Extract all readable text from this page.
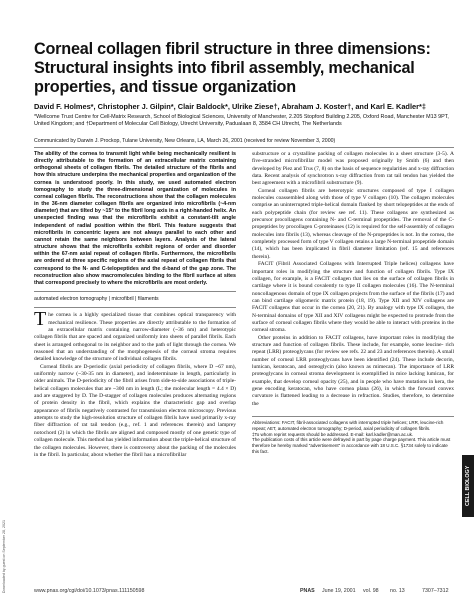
Corneal collagen fibril structure in three dimensions: Structural insights into fibril assembly, mechanical properties, and tissue organization
David F. Holmes*, Christopher J. Gilpin*, Clair Baldock*, Ulrike Ziese†, Abraham J. Koster†, and Karl E. Kadler*‡
*Wellcome Trust Centre for Cell-Matrix Research, School of Biological Sciences, University of Manchester, 2.205 Stopford Building 2.205, Oxford Road, Manchester M13 9PT, United Kingdom; and †Department of Molecular Cell Biology, Utrecht University, Padualaan 8, 3584 CH Utrecht, The Netherlands
Communicated by Darwin J. Prockop, Tulane University, New Orleans, LA, March 26, 2001 (received for review November 3, 2000)

The ability of the cornea to transmit light while being mechanically resilient is directly attributable to the formation of an extracellular matrix containing orthogonal sheets of collagen fibrils. The detailed structure of the fibrils and how this structure underpins the mechanical properties and organization of the cornea is understood poorly. In this study, we used automated electron tomography to study the three-dimensional organization of molecules in corneal collagen fibrils. The reconstructions show that the collagen molecules in the 36-nm diameter collagen fibrils are organized into microfibrils (~4-nm diameter) that are tilted by ~15° to the fibril long axis in a right-handed helix. An unexpected finding was that the microfibrils exhibit a constant-tilt angle independent of radial position within the fibril. This feature suggests that microfibrils in concentric layers are not always parallel to each other and cannot retain the same neighbors between layers. Analysis of the lateral structure shows that the microfibrils exhibit regions of order and disorder within the 67-nm axial repeat of collagen fibrils. Furthermore, the microfibrils are ordered at three specific regions of the axial repeat of collagen fibrils that correspond to the N- and C-telopeptides and the d-band of the gap zone. The reconstruction also show macromolecules binding to the fibril surface at sites that correspond precisely to where the microfibrils are most orderly.

automated electron tomography | microfibril | filaments

The cornea is a highly specialized tissue that combines optical transparency with mechanical resilience. These properties are directly attributable to the formation of an extracellular matrix containing narrow-diameter (~36 nm) and heterotypic collagen fibrils that are spaced and organized uniformly into sheets of parallel fibrils. Each sheet is arranged orthogonal to its neighbor and to the path of light through the cornea. We reasoned that an understanding of the morphogenesis of the corneal stroma requires detailed knowledge of the structure of individual collagen fibrils.

Corneal fibrils are D-periodic (axial periodicity of collagen fibrils, where D ~67 nm), uniformly narrow (~30-35 nm in diameter), and indeterminate in length, particularly in older animals. The D-periodicity of the fibril arises from side-to-side associations of triple-helical collagen molecules that are ~300 nm in length (L; the molecular length = 4.4 × D) and are staggered by D. The D-stagger of collagen molecules produces alternating regions of protein density in the fibril, which explains the characteristic gap and overlap appearance of fibrils negatively contrasted for transmission electron microscopy. Previous attempts to study the high-resolution structure of collagen fibrils have used primarily x-ray fiber diffraction of rat tail tendon (e.g., ref. 1 and references therein) and lamprey notochord (2) in which the fibrils are aligned and composed mostly of one genetic type of collagen molecule. This method has yielded information about the triple-helical structure of the collagen molecules. However, there is controversy about the packing of the molecules in the fibril. In particular, about whether the fibril has a microfibrillar

substructure or a crystalline packing of collagen molecules in a sheet structure (3-5). A five-stranded microfibrillar model was proposed originally by Smith (6) and then developed by Piez and Trus (7, 8) on the basis of sequence regularities and x-ray diffraction data. Recent analysis of synchrotron x-ray diffraction from rat tail tendon has yielded the best agreement with a microfibril substructure (9).

Corneal collagen fibrils are heterotypic structures composed of type I collagen molecules coassembled along with those of type V collagen (10). The collagen molecules comprise an uninterrupted triple-helical domain flanked by short telopeptides at the ends of each polypeptide chain (for review see ref. 11). These collagens are synthesized as precursor procollagens containing N- and C-terminal propeptides. The removal of the C-propeptides by procollagen C-proteinases (12) is required for the self-assembly of collagen molecules into fibrils (13), whereas cleavage of the N-propeptides is not. In the cornea, the completely processed form of type V collagen retains a large N-terminal propeptide domain (14), which has been implicated in fibril diameter limitation (ref. 15 and references therein).

FACIT (Fibril Associated Collagens with Interrupted Triple helices) collagens have important roles in modifying the structure and function of collagen fibrils. Type IX collagen, for example, is a FACIT collagen that lies on the surface of collagen fibrils in cartilage where it is bound covalently to type II collagen molecules (16). The N-terminal noncollagenous domain of type IX collagen projects from the surface of the fibrils (17) and can bind cartilage oligomeric matrix protein (18, 19). Type XII and XIV collagens are FACIT collagens that occur in the cornea (20, 21). By analogy with type IX collagen, the N-terminal domains of type XII and XIV collagens might be expected to protrude from the surface of corneal collagen fibrils where they would be able to interact with proteins in the corneal stroma.

Other proteins in addition to FACIT collagens, have important roles in modifying the structure and function of collagen fibrils. These include, for example, some leucine- rich repeat (LRR) proteoglycans (for review see refs. 22 and 23 and references therein). A small number of corneal LRR proteoglycans have been identified (24). These include decorin, lumican, keratocan, and osteoglycin (also known as mimecan). The importance of LRR proteoglycans in corneal stroma development is exemplified in mice lacking lumican, for example, that develop corneal opacity (25), and in people who have mutations in kera, the gene encoding keratocan, who have cornea plana (26), in which the forward convex curvature is flattened leading to a decrease in refraction. Studies, therefore, to determine the

Abbreviations: FACIT, fibril-associated collagens with interrupted triple helices; LRR, leucine-rich repeat; AET, automated electron tomography; D-period, axial periodicity of collagen fibrils.

‡To whom reprint requests should be addressed. E-mail: karl.kadler@man.ac.uk.

The publication costs of this article were defrayed in part by page charge payment. This article must therefore be hereby marked "advertisement" in accordance with 18 U.S.C. §1734 solely to indicate this fact.

www.pnas.org/cgi/doi/10.1073/pnas.111150598	PNAS June 19, 2001 vol. 98 no. 13	7307–7312
CELL BIOLOGY
Downloaded by guest on September 28, 2021
